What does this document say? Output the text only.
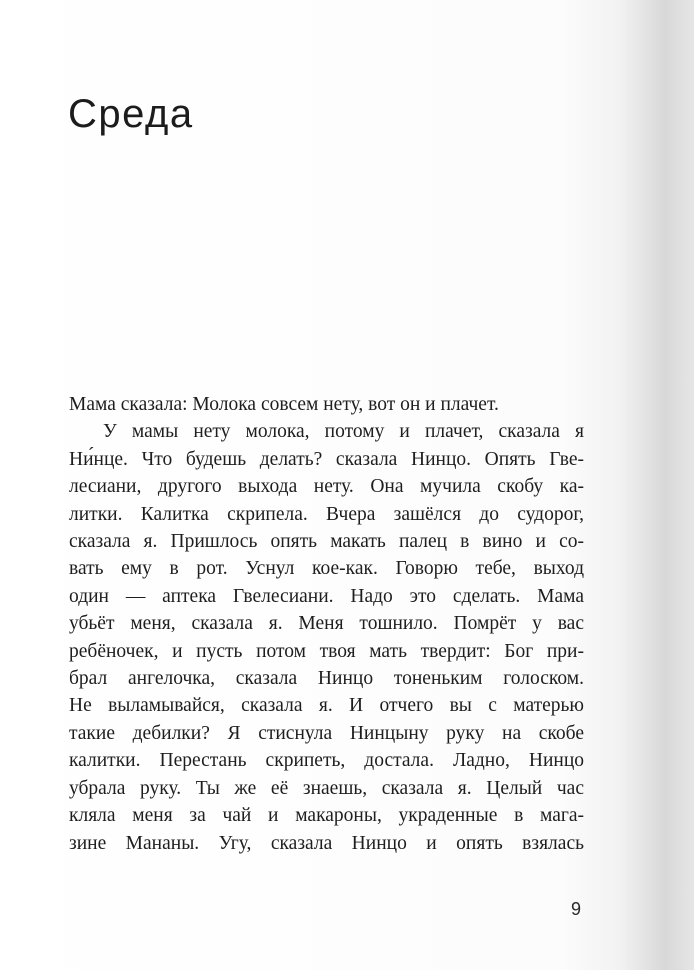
Среда
Мама сказала: Молока совсем нету, вот он и плачет.
У мамы нету молока, потому и плачет, сказала я
Ни́нце. Что будешь делать? сказала Нинцо. Опять Гве-
лесиани, другого выхода нету. Она мучила скобу ка-
литки. Калитка скрипела. Вчера зашёлся до судорог,
сказала я. Пришлось опять макать палец в вино и со-
вать ему в рот. Уснул кое-как. Говорю тебе, выход
один — аптека Гвелесиани. Надо это сделать. Мама
убьёт меня, сказала я. Меня тошнило. Помрёт у вас
ребёночек, и пусть потом твоя мать твердит: Бог при-
брал ангелочка, сказала Нинцо тоненьким голоском.
Не выламывайся, сказала я. И отчего вы с матерью
такие дебилки? Я стиснула Нинцыну руку на скобе
калитки. Перестань скрипеть, достала. Ладно, Нинцо
убрала руку. Ты же её знаешь, сказала я. Целый час
кляла меня за чай и макароны, украденные в мага-
зине Мананы. Угу, сказала Нинцо и опять взялась
9
